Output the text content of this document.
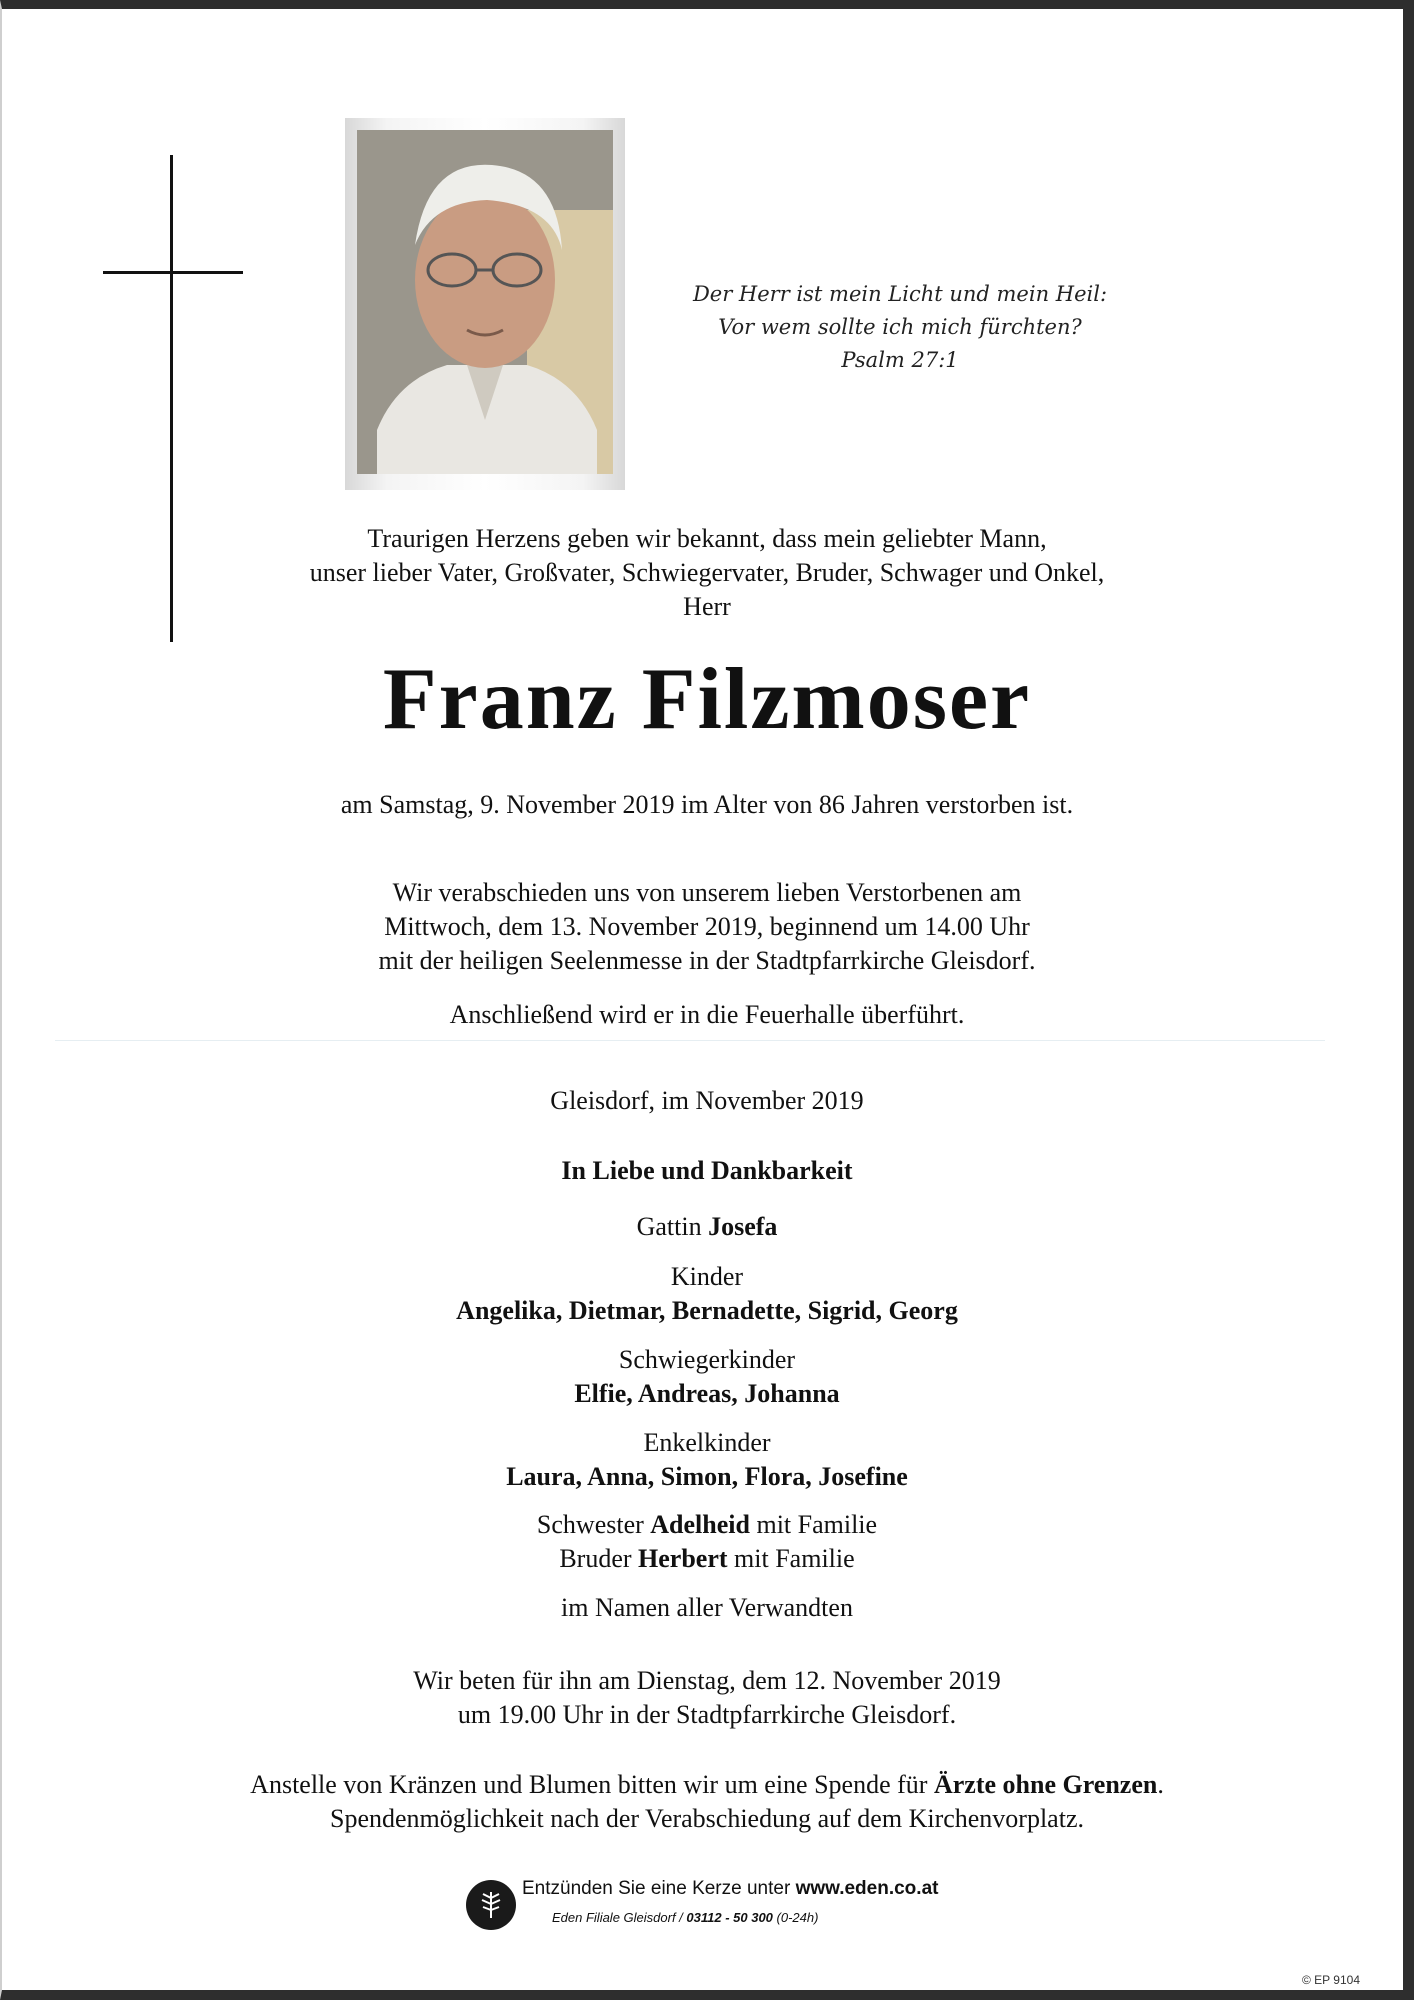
Der Herr ist mein Licht und mein Heil:
Vor wem sollte ich mich fürchten?
Psalm 27:1
Traurigen Herzens geben wir bekannt, dass mein geliebter Mann,
unser lieber Vater, Großvater, Schwiegervater, Bruder, Schwager und Onkel,
Herr
Franz Filzmoser
am Samstag, 9. November 2019 im Alter von 86 Jahren verstorben ist.
Wir verabschieden uns von unserem lieben Verstorbenen am
Mittwoch, dem 13. November 2019, beginnend um 14.00 Uhr
mit der heiligen Seelenmesse in der Stadtpfarrkirche Gleisdorf.
Anschließend wird er in die Feuerhalle überführt.
Gleisdorf, im November 2019
In Liebe und Dankbarkeit
Gattin Josefa
Kinder
Angelika, Dietmar, Bernadette, Sigrid, Georg
Schwiegerkinder
Elfie, Andreas, Johanna
Enkelkinder
Laura, Anna, Simon, Flora, Josefine
Schwester Adelheid mit Familie
Bruder Herbert mit Familie
im Namen aller Verwandten
Wir beten für ihn am Dienstag, dem 12. November 2019
um 19.00 Uhr in der Stadtpfarrkirche Gleisdorf.
Anstelle von Kränzen und Blumen bitten wir um eine Spende für Ärzte ohne Grenzen.
Spendenmöglichkeit nach der Verabschiedung auf dem Kirchenvorplatz.
Entzünden Sie eine Kerze unter www.eden.co.at
Eden Filiale Gleisdorf / 03112 - 50 300 (0-24h)
© EP 9104
